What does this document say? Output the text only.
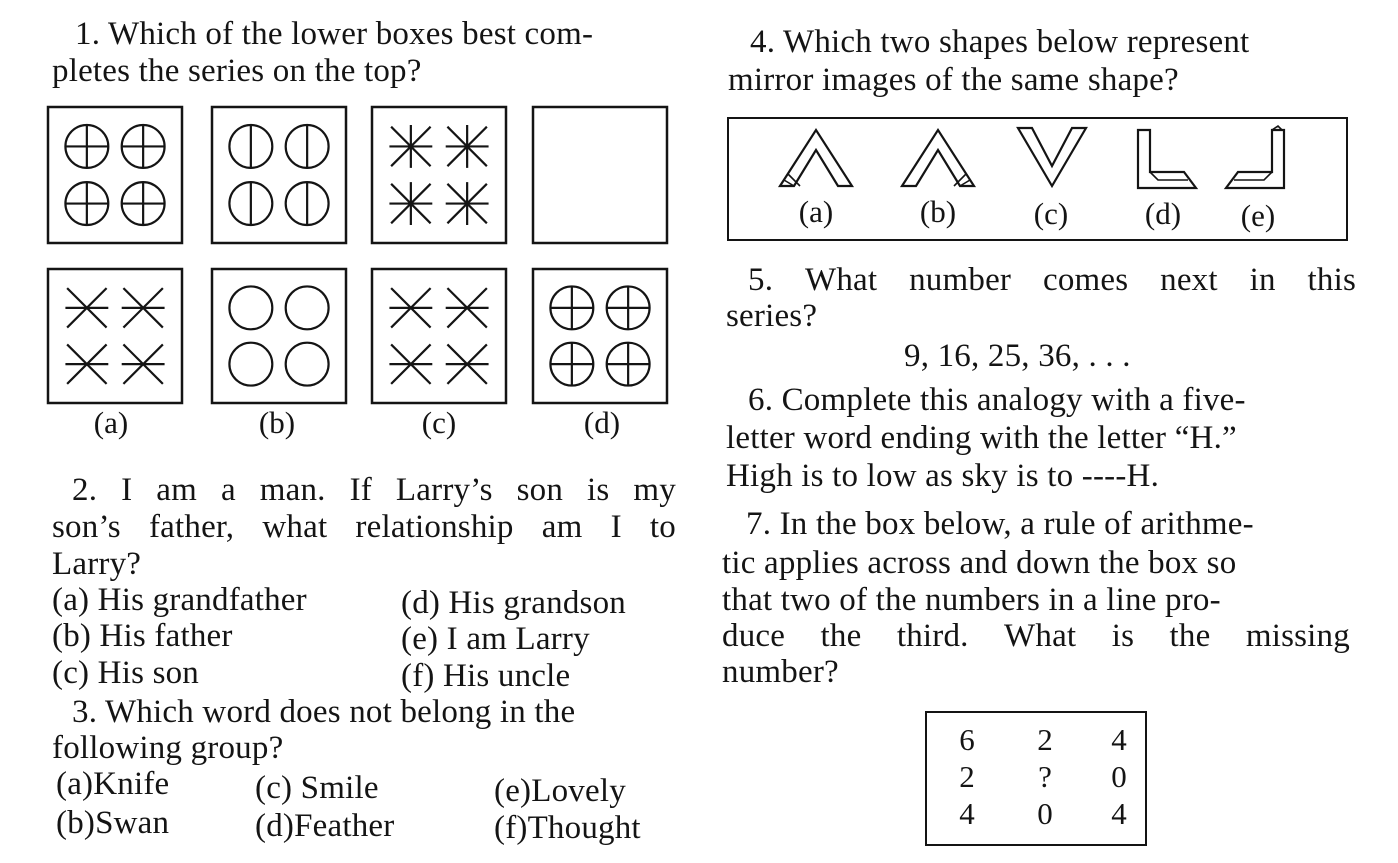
1. Which of the lower boxes best com-
pletes the series on the top?
(a)	(b)	(c)	(d)
2. I am a man. If Larry’s son is my
son’s father, what relationship am I to
Larry?
(a) His grandfather
(b) His father
(c) His son
(d) His grandson
(e) I am Larry
(f) His uncle
3. Which word does not belong in the
following group?
(a)Knife
(b)Swan
(c) Smile
(d)Feather
(e)Lovely
(f)Thought
4. Which two shapes below represent
mirror images of the same shape?
(a)	(b)	(c)	(d)	(e)
5. What number comes next in this
series?
9, 16, 25, 36, . . .
6. Complete this analogy with a five-
letter word ending with the letter “H.”
High is to low as sky is to ----H.
7. In the box below, a rule of arithme-
tic applies across and down the box so
that two of the numbers in a line pro-
duce the third. What is the missing
number?
6	2	4
2	?	0
4	0	4
